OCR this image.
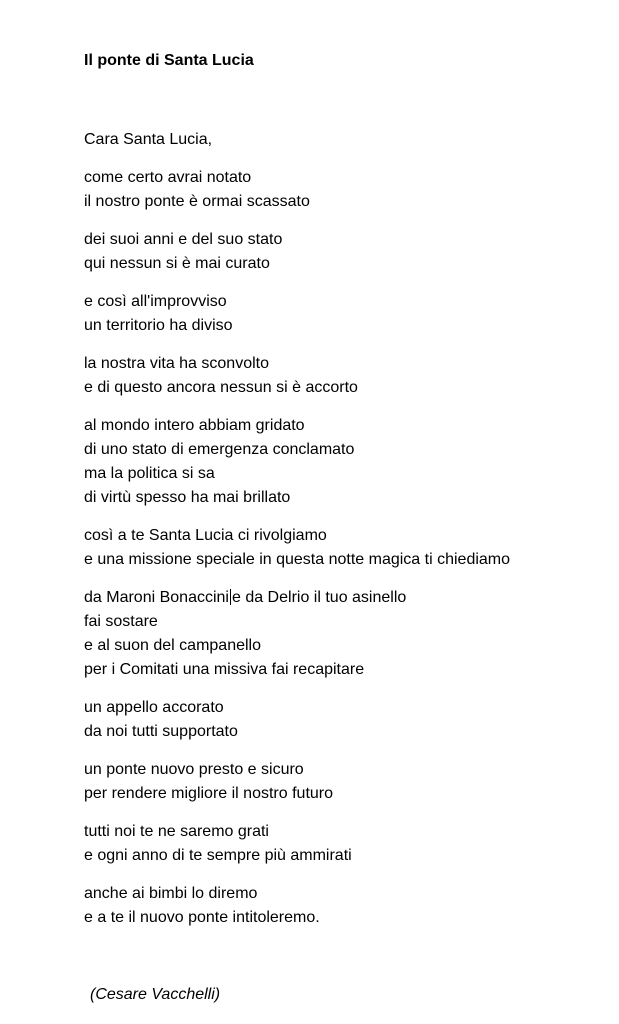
Il ponte di Santa Lucia
Cara Santa Lucia,
come certo avrai notato
il nostro ponte è ormai scassato
dei suoi anni e del suo stato
qui nessun si è mai curato
e così all'improvviso
un territorio ha diviso
la nostra vita ha sconvolto
e di questo ancora nessun si è accorto
al mondo intero abbiam gridato
di uno stato di emergenza conclamato
ma la politica si sa
di virtù spesso ha mai brillato
così a te Santa Lucia ci rivolgiamo
e una missione speciale in questa notte magica ti chiediamo
da Maroni Bonaccini e da Delrio il tuo asinello
fai sostare
e al suon del campanello
per i Comitati una missiva fai recapitare
un appello accorato
da noi tutti supportato
un ponte nuovo presto e sicuro
per rendere migliore il nostro futuro
tutti noi te ne saremo grati
e ogni anno di te sempre più ammirati
anche ai bimbi lo diremo
e a te il nuovo ponte intitoleremo.
(Cesare Vacchelli)
